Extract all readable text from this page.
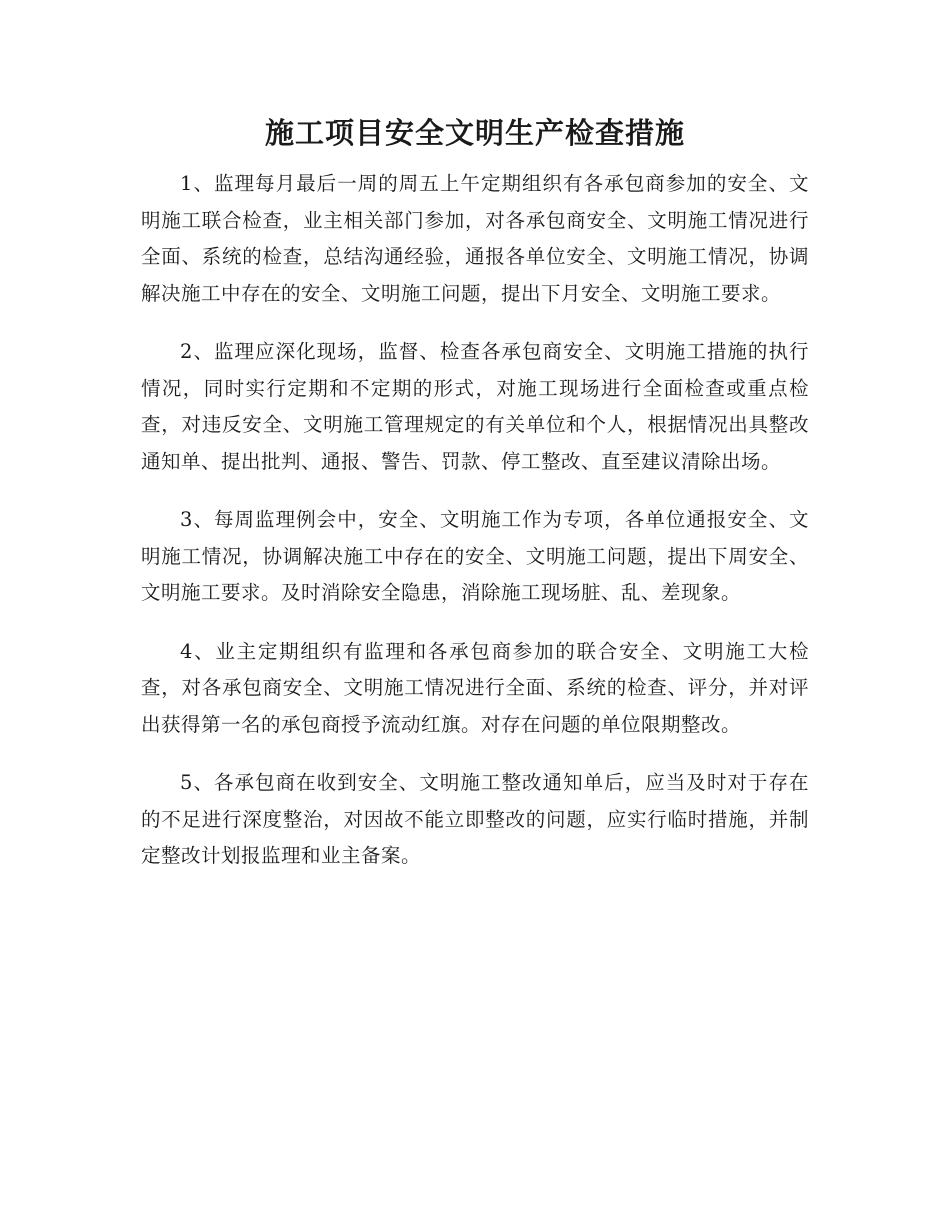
施工项目安全文明生产检查措施

1、监理每月最后一周的周五上午定期组织有各承包商参加的安全、文明施工联合检查，业主相关部门参加，对各承包商安全、文明施工情况进行全面、系统的检查，总结沟通经验，通报各单位安全、文明施工情况，协调解决施工中存在的安全、文明施工问题，提出下月安全、文明施工要求。

2、监理应深化现场，监督、检查各承包商安全、文明施工措施的执行情况，同时实行定期和不定期的形式，对施工现场进行全面检查或重点检查，对违反安全、文明施工管理规定的有关单位和个人，根据情况出具整改通知单、提出批判、通报、警告、罚款、停工整改、直至建议清除出场。

3、每周监理例会中，安全、文明施工作为专项，各单位通报安全、文明施工情况，协调解决施工中存在的安全、文明施工问题，提出下周安全、文明施工要求。及时消除安全隐患，消除施工现场脏、乱、差现象。

4、业主定期组织有监理和各承包商参加的联合安全、文明施工大检查，对各承包商安全、文明施工情况进行全面、系统的检查、评分，并对评出获得第一名的承包商授予流动红旗。对存在问题的单位限期整改。

5、各承包商在收到安全、文明施工整改通知单后，应当及时对于存在的不足进行深度整治，对因故不能立即整改的问题，应实行临时措施，并制定整改计划报监理和业主备案。
